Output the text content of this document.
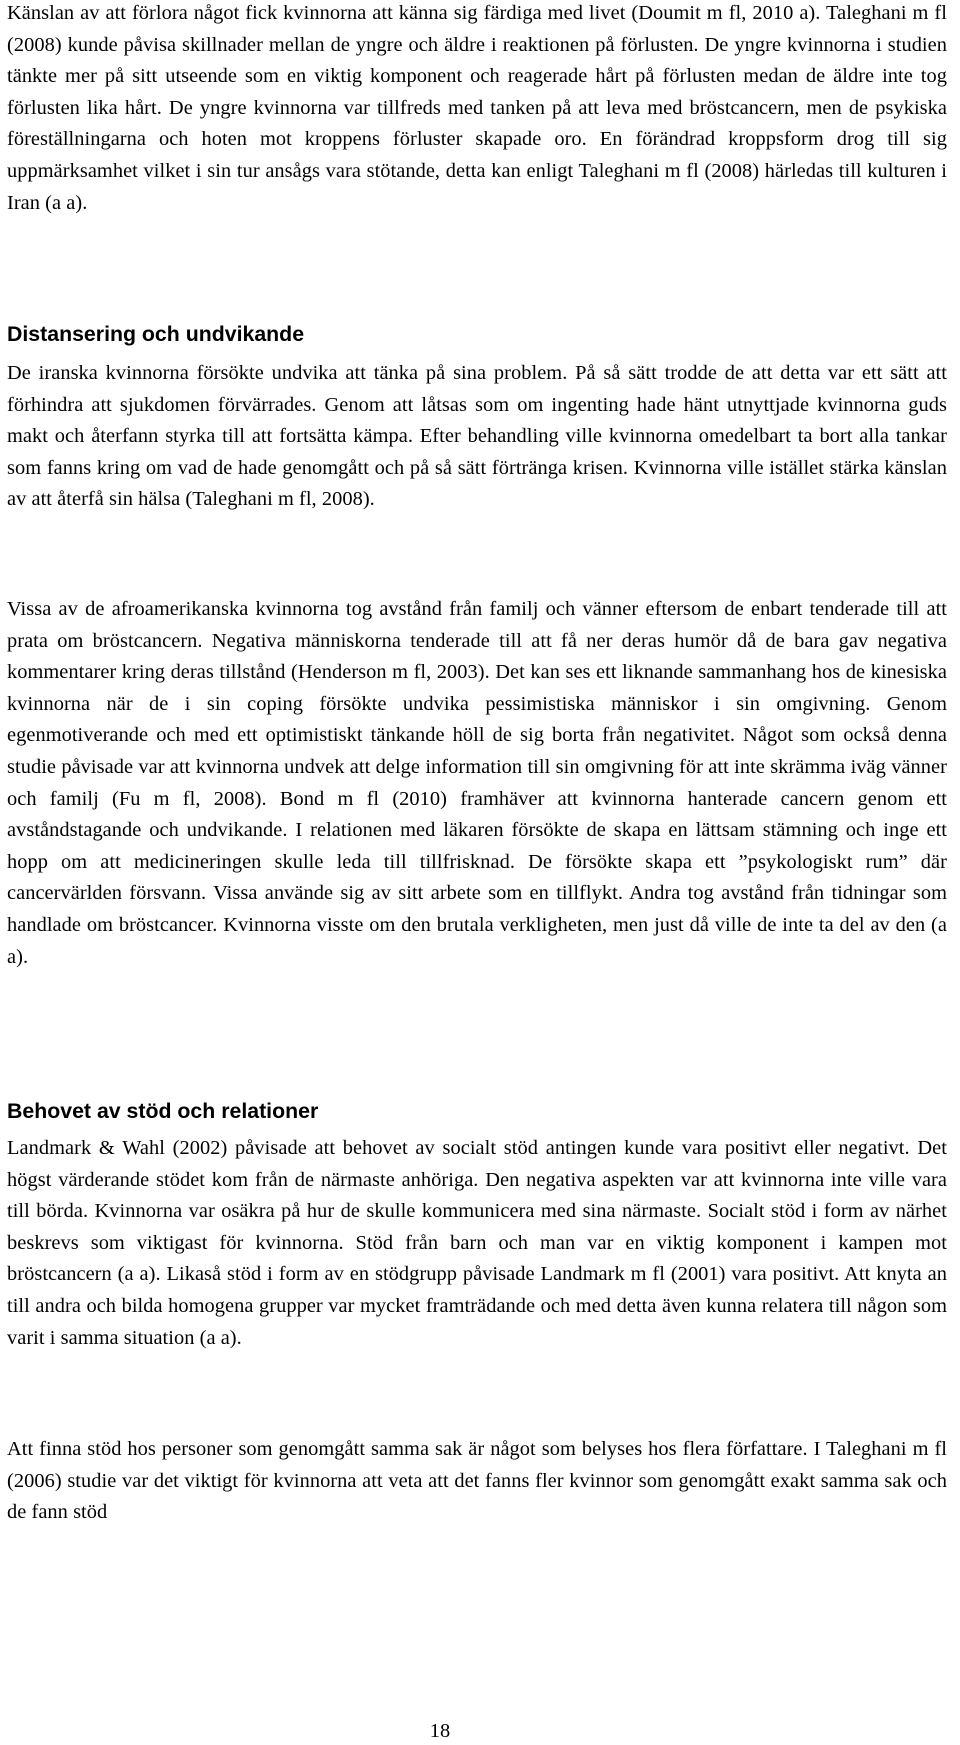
Känslan av att förlora något fick kvinnorna att känna sig färdiga med livet (Doumit m fl, 2010 a). Taleghani m fl (2008) kunde påvisa skillnader mellan de yngre och äldre i reaktionen på förlusten. De yngre kvinnorna i studien tänkte mer på sitt utseende som en viktig komponent och reagerade hårt på förlusten medan de äldre inte tog förlusten lika hårt. De yngre kvinnorna var tillfreds med tanken på att leva med bröstcancern, men de psykiska föreställningarna och hoten mot kroppens förluster skapade oro. En förändrad kroppsform drog till sig uppmärksamhet vilket i sin tur ansågs vara stötande, detta kan enligt Taleghani m fl (2008) härledas till kulturen i Iran (a a).

Distansering och undvikande

De iranska kvinnorna försökte undvika att tänka på sina problem. På så sätt trodde de att detta var ett sätt att förhindra att sjukdomen förvärrades. Genom att låtsas som om ingenting hade hänt utnyttjade kvinnorna guds makt och återfann styrka till att fortsätta kämpa. Efter behandling ville kvinnorna omedelbart ta bort alla tankar som fanns kring om vad de hade genomgått och på så sätt förtränga krisen. Kvinnorna ville istället stärka känslan av att återfå sin hälsa (Taleghani m fl, 2008).

Vissa av de afroamerikanska kvinnorna tog avstånd från familj och vänner eftersom de enbart tenderade till att prata om bröstcancern. Negativa människorna tenderade till att få ner deras humör då de bara gav negativa kommentarer kring deras tillstånd (Henderson m fl, 2003). Det kan ses ett liknande sammanhang hos de kinesiska kvinnorna när de i sin coping försökte undvika pessimistiska människor i sin omgivning. Genom egenmotiverande och med ett optimistiskt tänkande höll de sig borta från negativitet. Något som också denna studie påvisade var att kvinnorna undvek att delge information till sin omgivning för att inte skrämma iväg vänner och familj (Fu m fl, 2008). Bond m fl (2010) framhäver att kvinnorna hanterade cancern genom ett avståndstagande och undvikande. I relationen med läkaren försökte de skapa en lättsam stämning och inge ett hopp om att medicineringen skulle leda till tillfrisknad. De försökte skapa ett ”psykologiskt rum” där cancervärlden försvann. Vissa använde sig av sitt arbete som en tillflykt. Andra tog avstånd från tidningar som handlade om bröstcancer. Kvinnorna visste om den brutala verkligheten, men just då ville de inte ta del av den (a a).

Behovet av stöd och relationer

Landmark & Wahl (2002) påvisade att behovet av socialt stöd antingen kunde vara positivt eller negativt. Det högst värderande stödet kom från de närmaste anhöriga. Den negativa aspekten var att kvinnorna inte ville vara till börda. Kvinnorna var osäkra på hur de skulle kommunicera med sina närmaste. Socialt stöd i form av närhet beskrevs som viktigast för kvinnorna. Stöd från barn och man var en viktig komponent i kampen mot bröstcancern (a a). Likaså stöd i form av en stödgrupp påvisade Landmark m fl (2001) vara positivt. Att knyta an till andra och bilda homogena grupper var mycket framträdande och med detta även kunna relatera till någon som varit i samma situation (a a).

Att finna stöd hos personer som genomgått samma sak är något som belyses hos flera författare. I Taleghani m fl (2006) studie var det viktigt för kvinnorna att veta att det fanns fler kvinnor som genomgått exakt samma sak och de fann stöd

18
